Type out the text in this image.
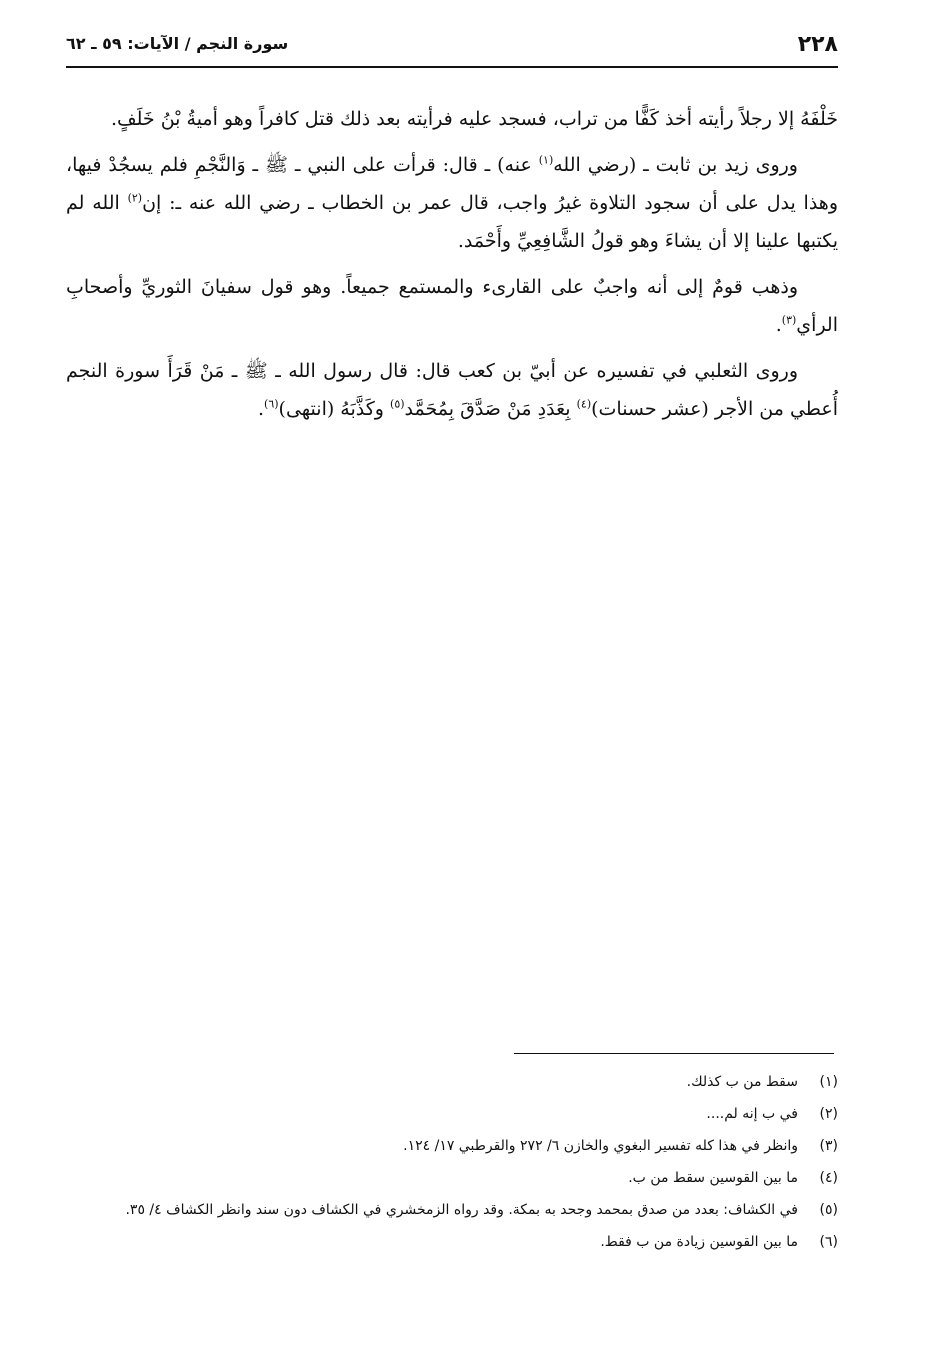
٢٢٨
سورة النجم / الآيات: ٥٩ ـ ٦٢

خَلْفَهُ إلا رجلاً رأيته أخذ كَفًّا من تراب، فسجد عليه فرأيته بعد ذلك قتل كافراً وهو أميةُ بْنُ خَلَفٍ.

وروى زيد بن ثابت ـ (رضي الله$^{(١)}$ عنه) ـ قال: قرأت على النبي ـ ﷺ ـ وَالنَّجْمِ فلم يسجُدْ فيها، وهذا يدل على أن سجود التلاوة غيرُ واجب، قال عمر بن الخطاب ـ رضي الله عنه ـ: إن$^{(٢)}$ الله لم يكتبها علينا إلا أن يشاءَ وهو قولُ الشَّافِعِيِّ وأَحْمَد.

وذهب قومٌ إلى أنه واجبٌ على القارىء والمستمع جميعاً. وهو قول سفيانَ الثوريِّ وأصحابِ الرأي$^{(٣)}$.

وروى الثعلبي في تفسيره عن أبيّ بن كعب قال: قال رسول الله ـ ﷺ ـ مَنْ قَرَأَ سورة النجم أُعطي من الأجر (عشر حسنات)$^{(٤)}$ بِعَدَدِ مَنْ صَدَّقَ بِمُحَمَّد$^{(٥)}$ وكَذَّبَهُ (انتهى)$^{(٦)}$.

(١)
سقط من ب كذلك.
(٢)
في ب إنه لم....
(٣)
وانظر في هذا كله تفسير البغوي والخازن ٦/ ٢٧٢ والقرطبي ١٧/ ١٢٤.
(٤)
ما بين القوسين سقط من ب.
(٥)
في الكشاف: بعدد من صدق بمحمد وجحد به بمكة. وقد رواه الزمخشري في الكشاف دون سند وانظر الكشاف ٤/ ٣٥.
(٦)
ما بين القوسين زيادة من ب فقط.
